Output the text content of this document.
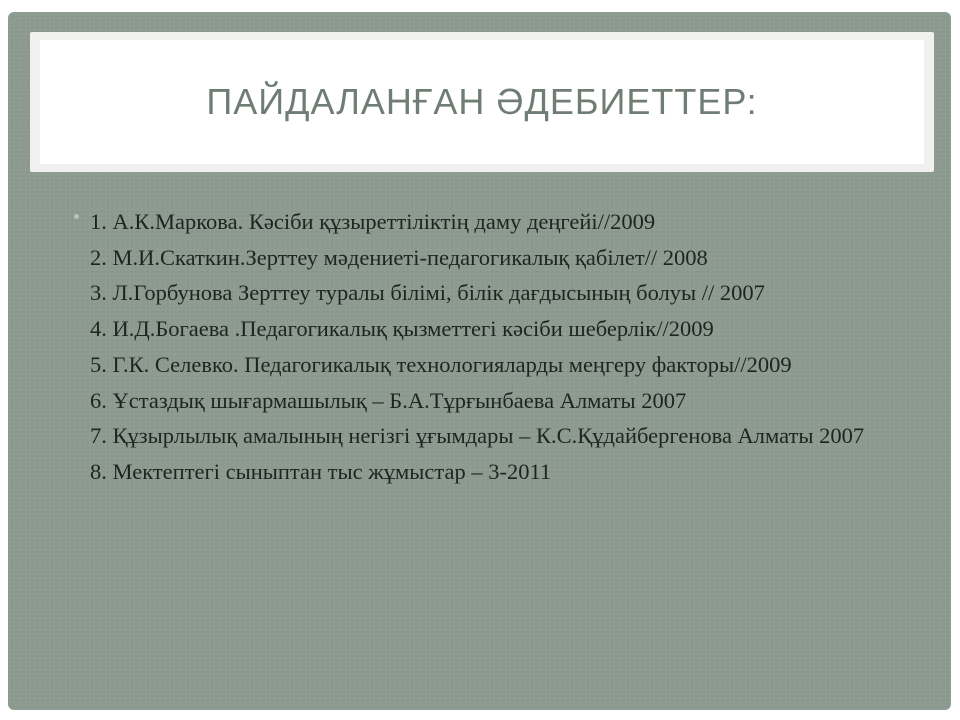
ПАЙДАЛАНҒАН ӘДЕБИЕТТЕР:
1. А.К.Маркова. Кәсіби құзыреттіліктің даму деңгейі//2009
2. М.И.Скаткин.Зерттеу мәдениеті-педагогикалық қабілет// 2008
3. Л.Горбунова Зерттеу туралы білімі, білік дағдысының болуы // 2007
4. И.Д.Богаева .Педагогикалық қызметтегі кәсіби шеберлік//2009
5. Г.К. Селевко. Педагогикалық технологияларды меңгеру факторы//2009
6. Ұстаздық шығармашылық – Б.А.Тұрғынбаева Алматы 2007
7. Құзырлылық амалының негізгі ұғымдары – К.С.Құдайбергенова Алматы 2007
8. Мектептегі сыныптан тыс жұмыстар – 3-2011
